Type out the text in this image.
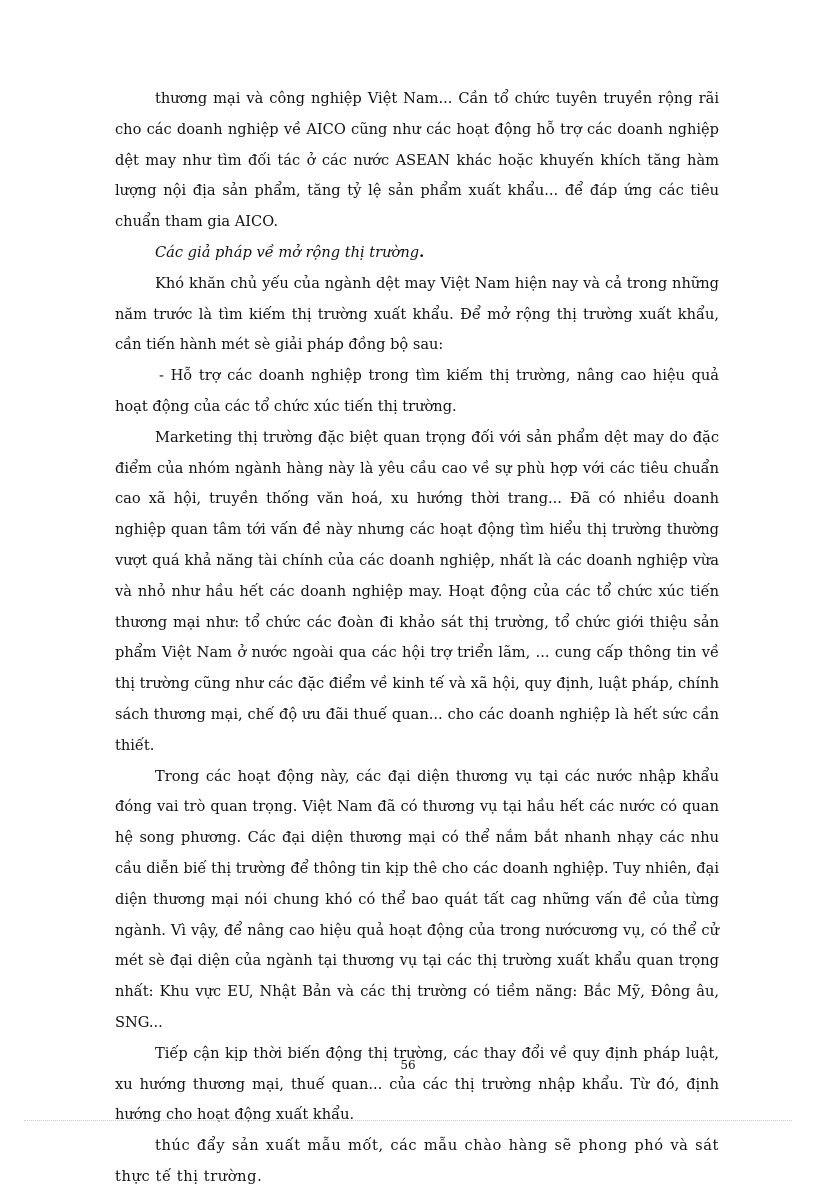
thương mại và công nghiệp Việt Nam... Cần tổ chức tuyên truyền rộng rãi cho các doanh nghiệp về AICO cũng như các hoạt động hỗ trợ các doanh nghiệp dệt may như tìm đối tác ở các nước ASEAN khác hoặc khuyến khích tăng hàm lượng nội địa sản phẩm, tăng tỷ lệ sản phẩm xuất khẩu... để đáp ứng các tiêu chuẩn tham gia AICO.

Các giả pháp về mở rộng thị trường.

Khó khăn chủ yếu của ngành dệt may Việt Nam hiện nay và cả trong những năm trước là tìm kiếm thị trường xuất khẩu. Để mở rộng thị trường xuất khẩu, cần tiến hành mét sè giải pháp đồng bộ sau:

- Hỗ trợ các doanh nghiệp trong tìm kiếm thị trường, nâng cao hiệu quả hoạt động của các tổ chức xúc tiến thị trường.

Marketing thị trường đặc biệt quan trọng đối với sản phẩm dệt may do đặc điểm của nhóm ngành hàng này là yêu cầu cao về sự phù hợp với các tiêu chuẩn cao xã hội, truyền thống văn hoá, xu hướng thời trang... Đã có nhiều doanh nghiệp quan tâm tới vấn đề này nhưng các hoạt động tìm hiểu thị trường thường vượt quá khả năng tài chính của các doanh nghiệp, nhất là các doanh nghiệp vừa và nhỏ như hầu hết các doanh nghiệp may. Hoạt động của các tổ chức xúc tiến thương mại như: tổ chức các đoàn đi khảo sát thị trường, tổ chức giới thiệu sản phẩm Việt Nam ở nước ngoài qua các hội trợ triển lãm, ... cung cấp thông tin về thị trường cũng như các đặc điểm về kinh tế và xã hội, quy định, luật pháp, chính sách thương mại, chế độ ưu đãi thuế quan... cho các doanh nghiệp là hết sức cần thiết.

Trong các hoạt động này, các đại diện thương vụ tại các nước nhập khẩu đóng vai trò quan trọng. Việt Nam đã có thương vụ tại hầu hết các nước có quan hệ song phương. Các đại diện thương mại có thể nắm bắt nhanh nhạy các nhu cầu diễn biế thị trường để thông tin kịp thê cho các doanh nghiệp. Tuy nhiên, đại diện thương mại nói chung khó có thể bao quát tất cag những vấn đề của từng ngành. Vì vậy, để nâng cao hiệu quả hoạt động của trong nướcương vụ, có thể cử mét sè đại diện của ngành tại thương vụ tại các thị trường xuất khẩu quan trọng nhất: Khu vực EU, Nhật Bản và các thị trường có tiềm năng: Bắc Mỹ, Đông âu, SNG...

Tiếp cận kịp thời biến động thị trường, các thay đổi về quy định pháp luật, xu hướng thương mại, thuế quan... của các thị trường nhập khẩu. Từ đó, định hướng cho hoạt động xuất khẩu.

thúc đẩy sản xuất mẫu mốt, các mẫu chào hàng sẽ phong phó và sát thực tế thị trường.

56
